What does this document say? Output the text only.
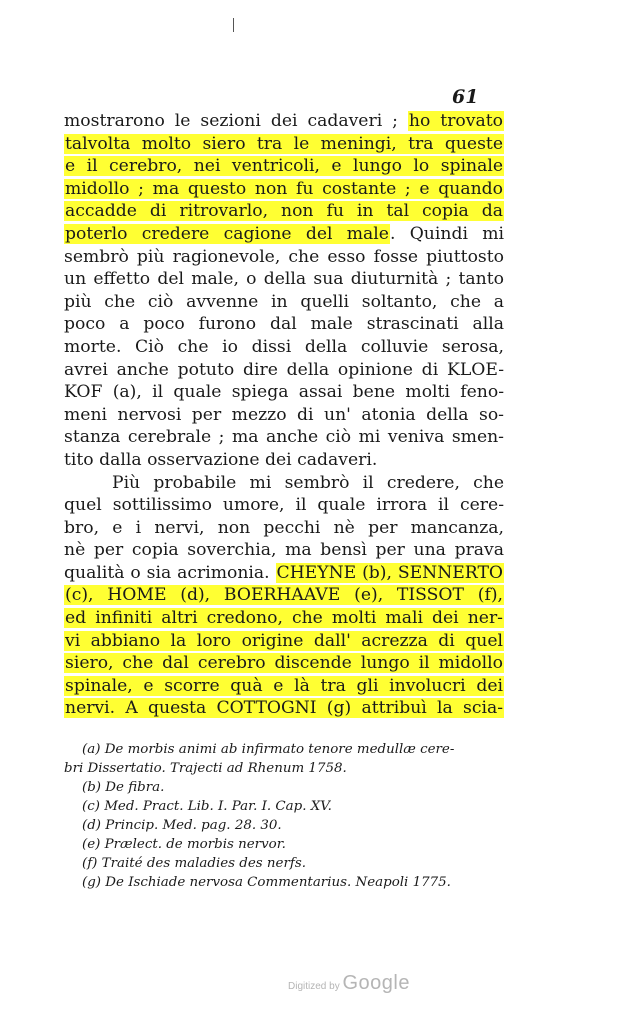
61
mostrarono le sezioni dei cadaveri ; ho trovato
talvolta molto siero tra le meningi, tra queste
e il cerebro, nei ventricoli, e lungo lo spinale
midollo ; ma questo non fu costante ; e quando
accadde di ritrovarlo, non fu in tal copia da
poterlo credere cagione del male. Quindi mi
sembrò più ragionevole, che esso fosse piuttosto
un effetto del male, o della sua diuturnità ; tanto
più che ciò avvenne in quelli soltanto, che a
poco a poco furono dal male strascinati alla
morte. Ciò che io dissi della colluvie serosa,
avrei anche potuto dire della opinione di KLOE-
KOF (a), il quale spiega assai bene molti feno-
meni nervosi per mezzo di un' atonia della so-
stanza cerebrale ; ma anche ciò mi veniva smen-
tito dalla osservazione dei cadaveri.
Più probabile mi sembrò il credere, che
quel sottilissimo umore, il quale irrora il cere-
bro, e i nervi, non pecchi nè per mancanza,
nè per copia soverchia, ma bensì per una prava
qualità o sia acrimonia. CHEYNE (b), SENNERTO
(c), HOME (d), BOERHAAVE (e), TISSOT (f),
ed infiniti altri credono, che molti mali dei ner-
vi abbiano la loro origine dall' acrezza di quel
siero, che dal cerebro discende lungo il midollo
spinale, e scorre quà e là tra gli involucri dei
nervi. A questa COTTOGNI (g) attribuì la scia-
(a) De morbis animi ab infirmato tenore medullæ cere-
bri Dissertatio. Trajecti ad Rhenum 1758.
(b) De fibra.
(c) Med. Pract. Lib. I. Par. I. Cap. XV.
(d) Princip. Med. pag. 28. 30.
(e) Prælect. de morbis nervor.
(f) Traité des maladies des nerfs.
(g) De Ischiade nervosa Commentarius. Neapoli 1775.
Digitized by Google
